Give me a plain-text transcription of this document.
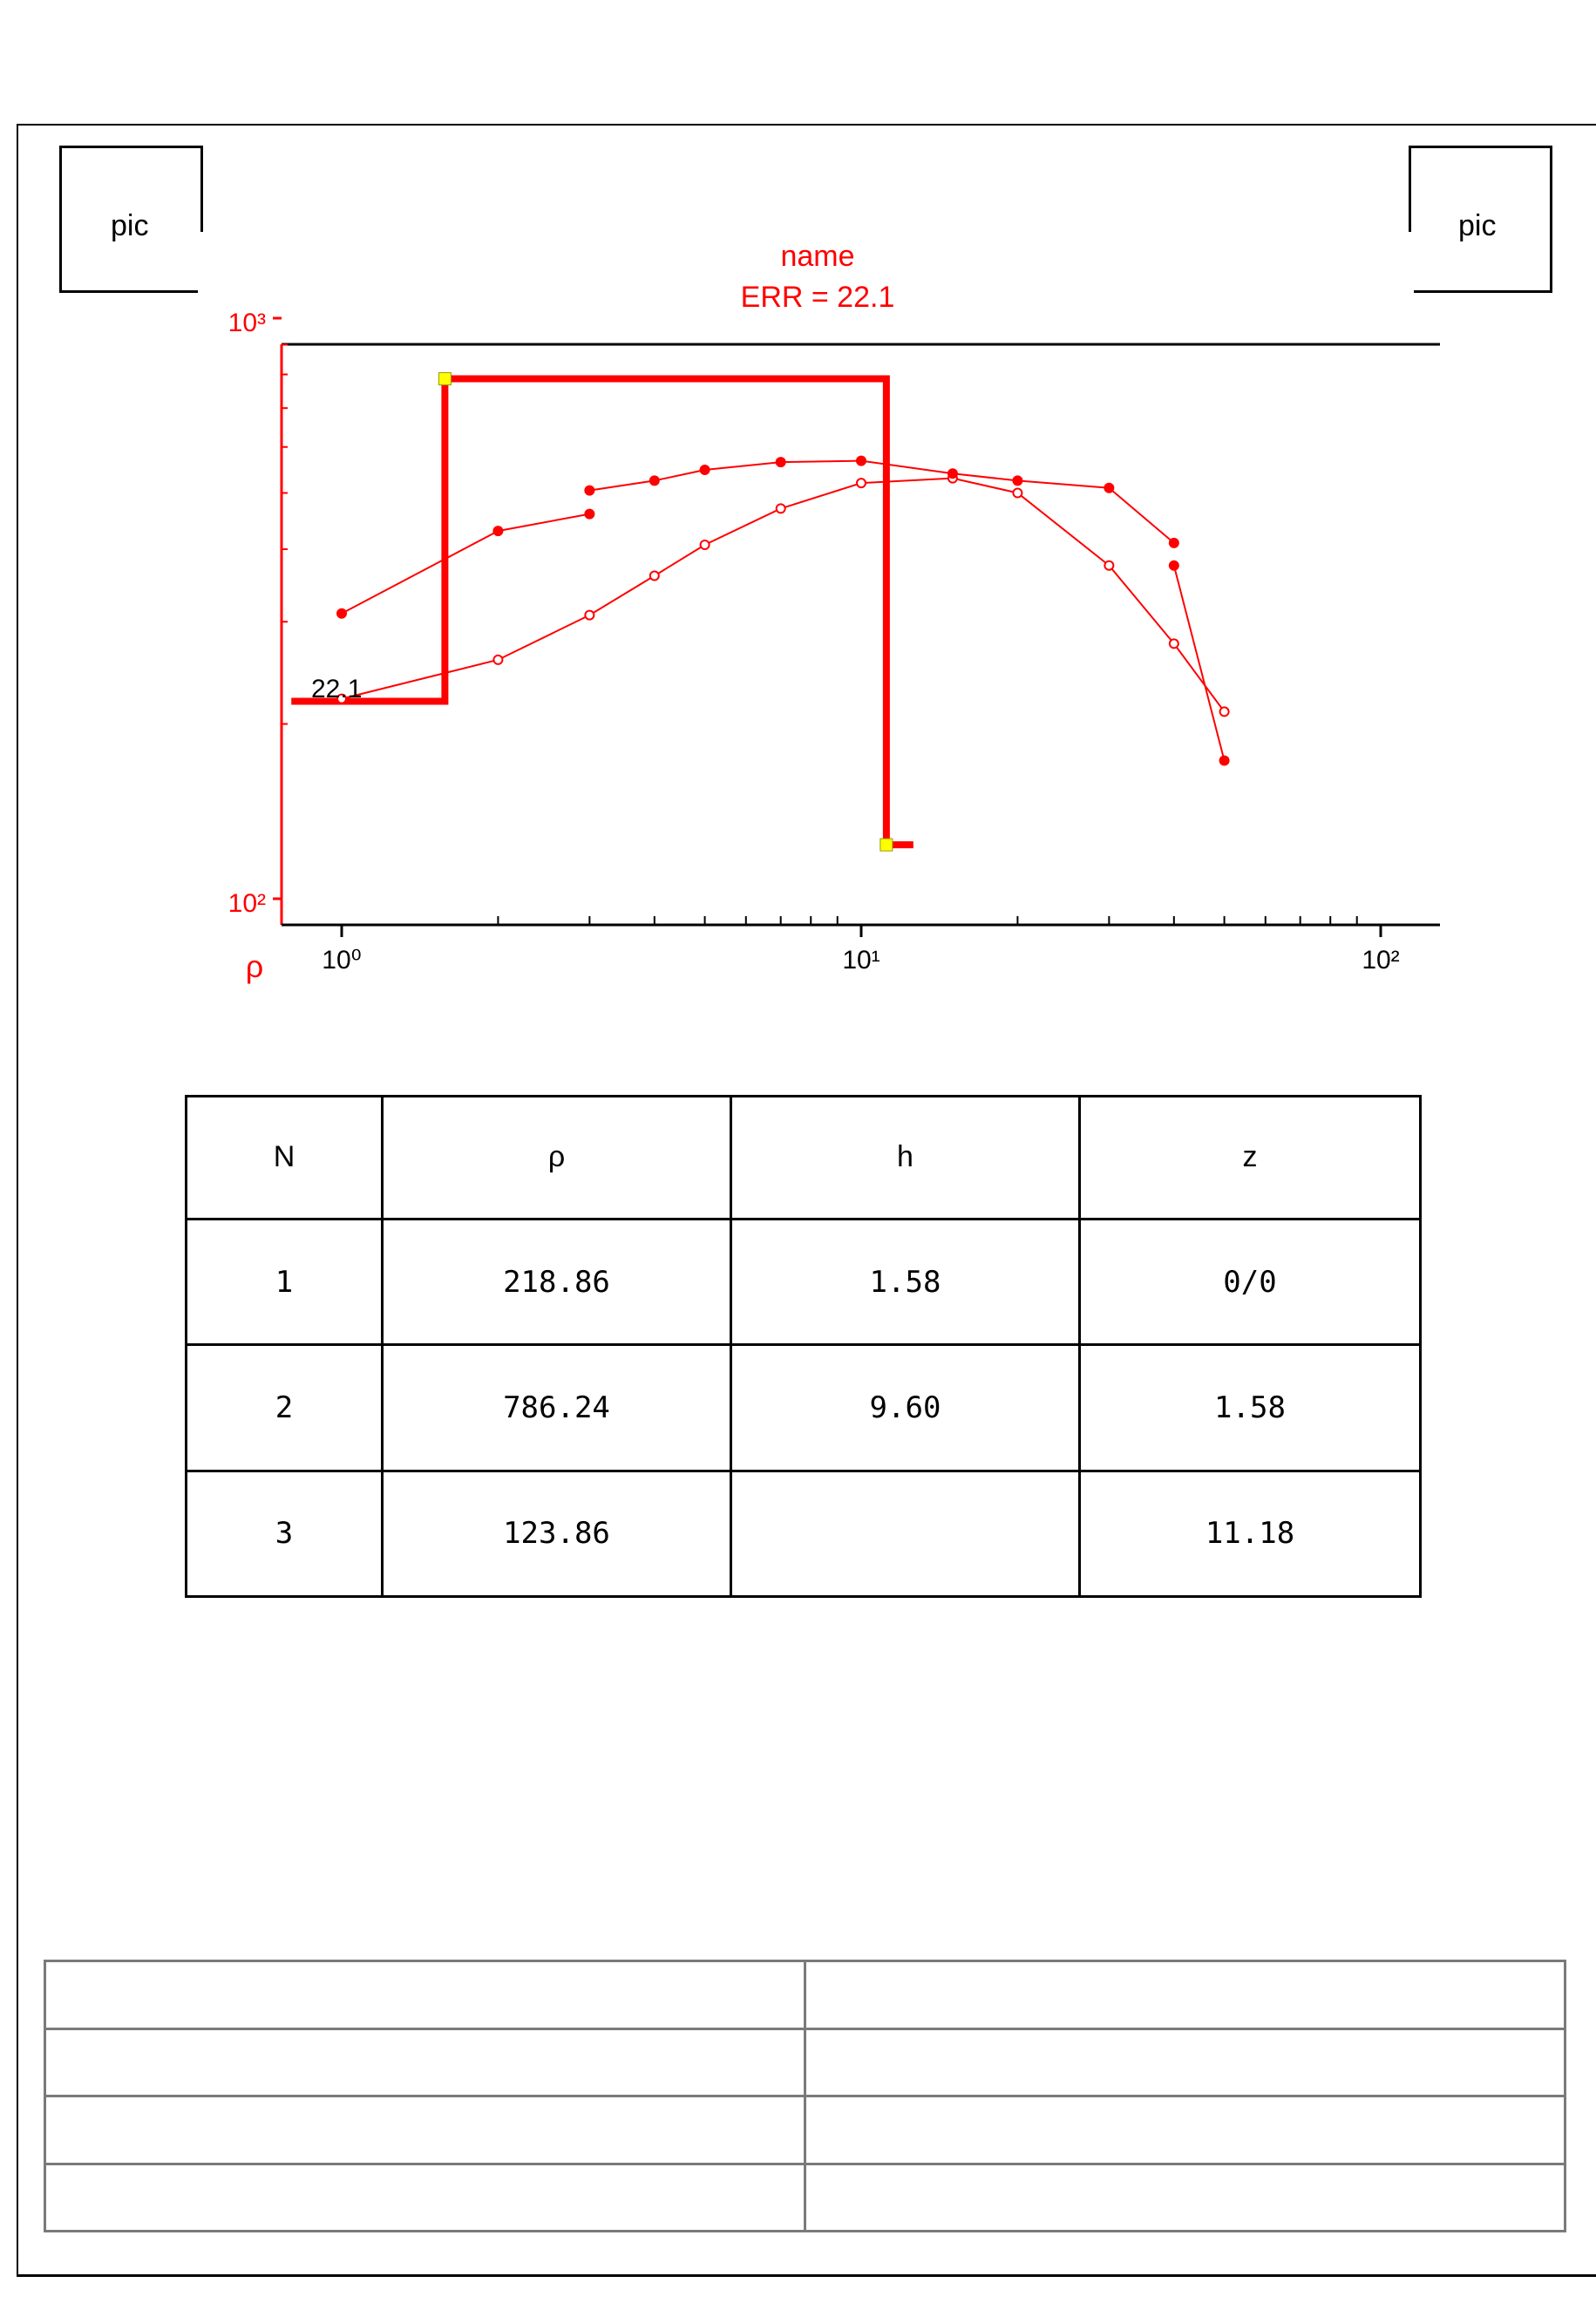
pic	pic
name
ERR = 22.1
10³
10²
10⁰	10¹	10²
ρ
22.1
N	ρ	h	z
1	218.86	1.58	0/0
2	786.24	9.60	1.58
3	123.86		11.18
